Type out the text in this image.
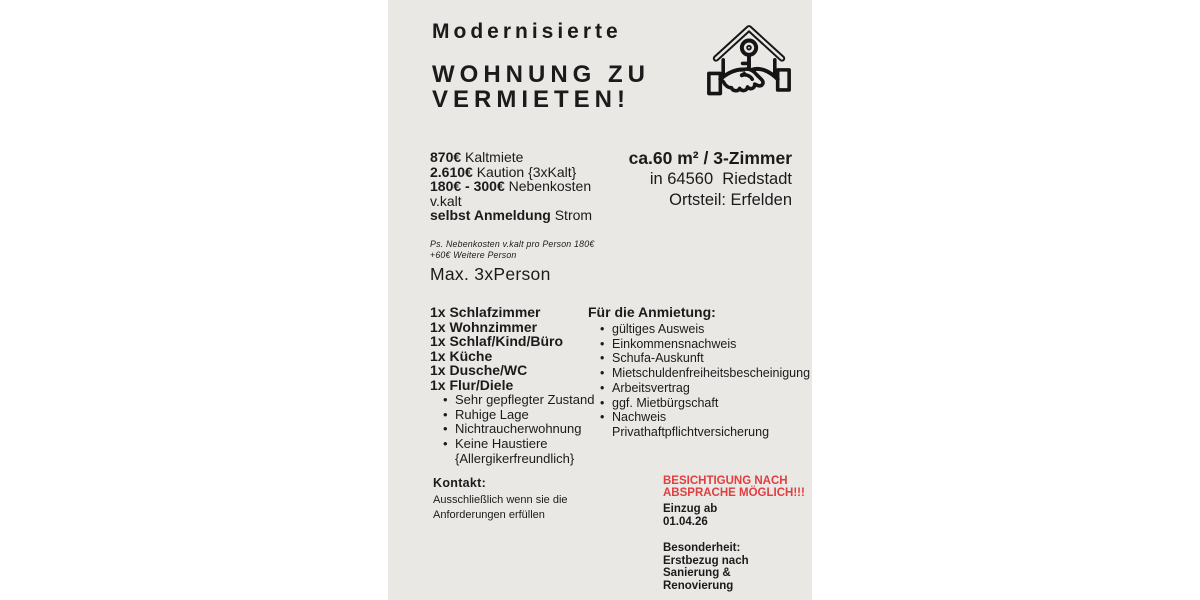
Modernisierte
WOHNUNG ZU
VERMIETEN!
870€ Kaltmiete
2.610€ Kaution {3xKalt}
180€ - 300€ Nebenkosten
v.kalt
selbst Anmeldung Strom
ca.60 m² / 3-Zimmer
in 64560  Riedstadt
Ortsteil: Erfelden
Ps. Nebenkosten v.kalt pro Person 180€
+60€ Weitere Person
Max. 3xPerson
1x Schlafzimmer
1x Wohnzimmer
1x Schlaf/Kind/Büro
1x Küche
1x Dusche/WC
1x Flur/Diele
• Sehr gepflegter Zustand
• Ruhige Lage
• Nichtraucherwohnung
• Keine Haustiere {Allergikerfreundlich}
Für die Anmietung:
• gültiges Ausweis
• Einkommensnachweis
• Schufa-Auskunft
• Mietschuldenfreiheitsbescheinigung
• Arbeitsvertrag
• ggf. Mietbürgschaft
• Nachweis Privathaftpflichtversicherung
Kontakt:
Ausschließlich wenn sie die Anforderungen erfüllen
BESICHTIGUNG NACH
ABSPRACHE MÖGLICH!!!
Einzug ab
01.04.26
Besonderheit: Erstbezug nach Sanierung & Renovierung
